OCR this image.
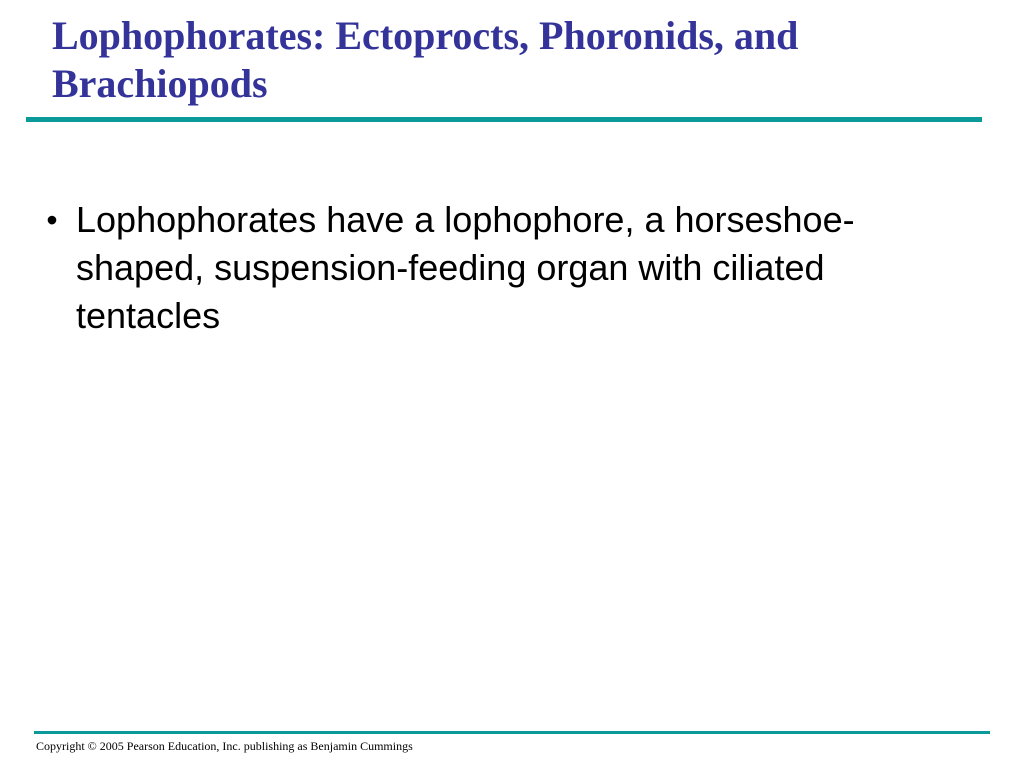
Lophophorates: Ectoprocts, Phoronids, and Brachiopods
• Lophophorates have a lophophore, a horseshoe-shaped, suspension-feeding organ with ciliated tentacles
Copyright © 2005 Pearson Education, Inc. publishing as Benjamin Cummings
